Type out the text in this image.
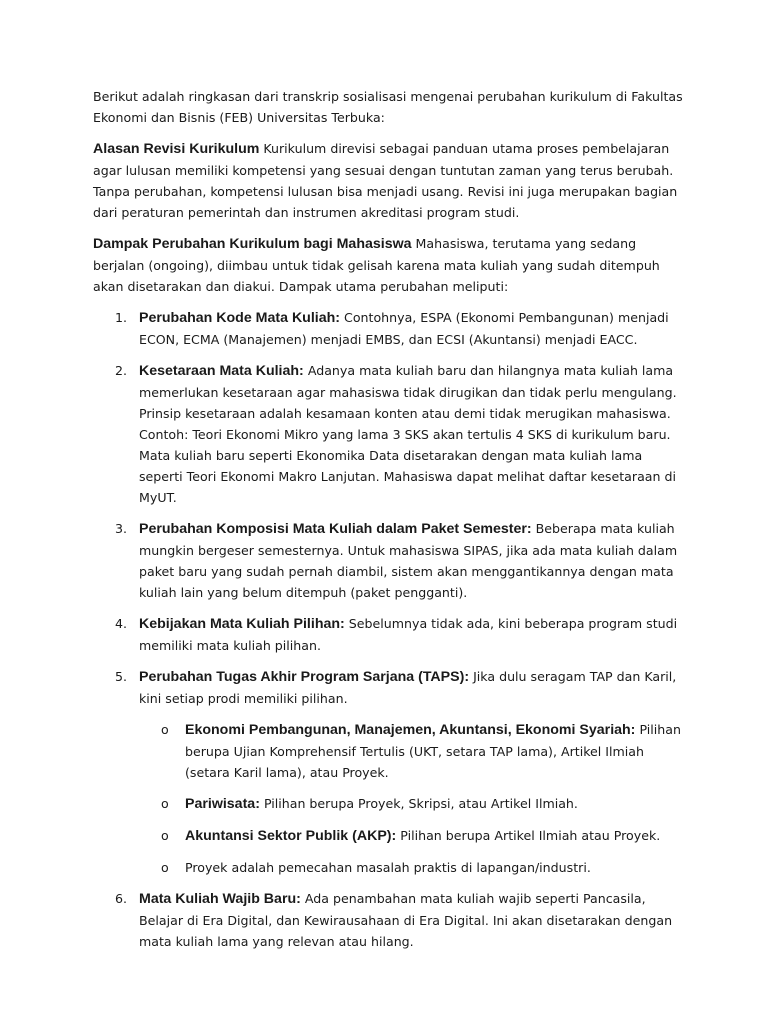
Berikut adalah ringkasan dari transkrip sosialisasi mengenai perubahan kurikulum di Fakultas Ekonomi dan Bisnis (FEB) Universitas Terbuka:

Alasan Revisi Kurikulum Kurikulum direvisi sebagai panduan utama proses pembelajaran agar lulusan memiliki kompetensi yang sesuai dengan tuntutan zaman yang terus berubah. Tanpa perubahan, kompetensi lulusan bisa menjadi usang. Revisi ini juga merupakan bagian dari peraturan pemerintah dan instrumen akreditasi program studi.

Dampak Perubahan Kurikulum bagi Mahasiswa Mahasiswa, terutama yang sedang berjalan (ongoing), diimbau untuk tidak gelisah karena mata kuliah yang sudah ditempuh akan disetarakan dan diakui. Dampak utama perubahan meliputi:

1. Perubahan Kode Mata Kuliah: Contohnya, ESPA (Ekonomi Pembangunan) menjadi ECON, ECMA (Manajemen) menjadi EMBS, dan ECSI (Akuntansi) menjadi EACC.
2. Kesetaraan Mata Kuliah: Adanya mata kuliah baru dan hilangnya mata kuliah lama memerlukan kesetaraan agar mahasiswa tidak dirugikan dan tidak perlu mengulang. Prinsip kesetaraan adalah kesamaan konten atau demi tidak merugikan mahasiswa. Contoh: Teori Ekonomi Mikro yang lama 3 SKS akan tertulis 4 SKS di kurikulum baru. Mata kuliah baru seperti Ekonomika Data disetarakan dengan mata kuliah lama seperti Teori Ekonomi Makro Lanjutan. Mahasiswa dapat melihat daftar kesetaraan di MyUT.
3. Perubahan Komposisi Mata Kuliah dalam Paket Semester: Beberapa mata kuliah mungkin bergeser semesternya. Untuk mahasiswa SIPAS, jika ada mata kuliah dalam paket baru yang sudah pernah diambil, sistem akan menggantikannya dengan mata kuliah lain yang belum ditempuh (paket pengganti).
4. Kebijakan Mata Kuliah Pilihan: Sebelumnya tidak ada, kini beberapa program studi memiliki mata kuliah pilihan.
5. Perubahan Tugas Akhir Program Sarjana (TAPS): Jika dulu seragam TAP dan Karil, kini setiap prodi memiliki pilihan.
o Ekonomi Pembangunan, Manajemen, Akuntansi, Ekonomi Syariah: Pilihan berupa Ujian Komprehensif Tertulis (UKT, setara TAP lama), Artikel Ilmiah (setara Karil lama), atau Proyek.
o Pariwisata: Pilihan berupa Proyek, Skripsi, atau Artikel Ilmiah.
o Akuntansi Sektor Publik (AKP): Pilihan berupa Artikel Ilmiah atau Proyek.
o Proyek adalah pemecahan masalah praktis di lapangan/industri.
6. Mata Kuliah Wajib Baru: Ada penambahan mata kuliah wajib seperti Pancasila, Belajar di Era Digital, dan Kewirausahaan di Era Digital. Ini akan disetarakan dengan mata kuliah lama yang relevan atau hilang.
